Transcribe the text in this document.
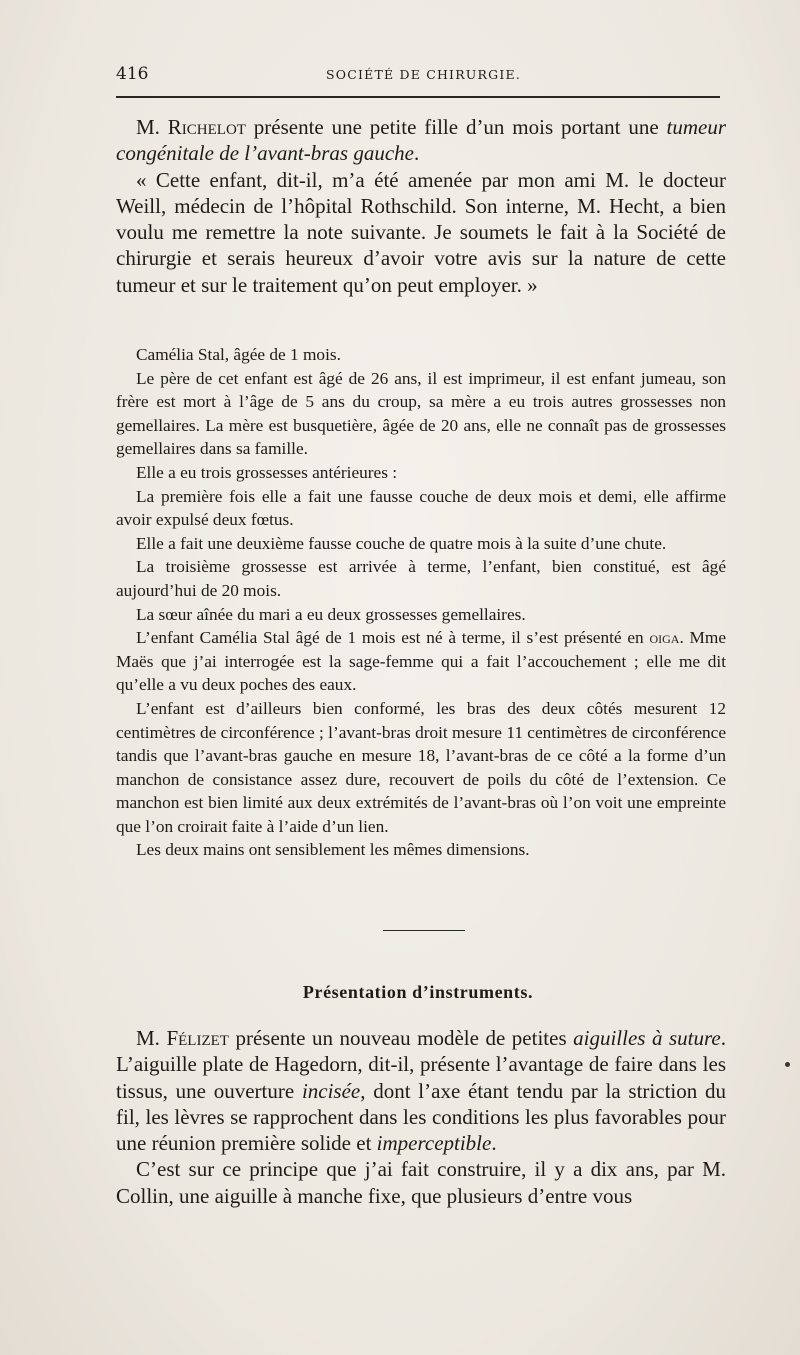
416	SOCIÉTÉ DE CHIRURGIE.

M. Richelot présente une petite fille d’un mois portant une tumeur congénitale de l’avant-bras gauche.

« Cette enfant, dit-il, m’a été amenée par mon ami M. le docteur Weill, médecin de l’hôpital Rothschild. Son interne, M. Hecht, a bien voulu me remettre la note suivante. Je soumets le fait à la Société de chirurgie et serais heureux d’avoir votre avis sur la nature de cette tumeur et sur le traitement qu’on peut employer. »

Camélia Stal, âgée de 1 mois.

Le père de cet enfant est âgé de 26 ans, il est imprimeur, il est enfant jumeau, son frère est mort à l’âge de 5 ans du croup, sa mère a eu trois autres grossesses non gemellaires. La mère est busquetière, âgée de 20 ans, elle ne connaît pas de grossesses gemellaires dans sa famille.

Elle a eu trois grossesses antérieures :

La première fois elle a fait une fausse couche de deux mois et demi, elle affirme avoir expulsé deux fœtus.

Elle a fait une deuxième fausse couche de quatre mois à la suite d’une chute.

La troisième grossesse est arrivée à terme, l’enfant, bien constitué, est âgé aujourd’hui de 20 mois.

La sœur aînée du mari a eu deux grossesses gemellaires.

L’enfant Camélia Stal âgé de 1 mois est né à terme, il s’est présenté en oiga. Mme Maës que j’ai interrogée est la sage-femme qui a fait l’accouchement ; elle me dit qu’elle a vu deux poches des eaux.

L’enfant est d’ailleurs bien conformé, les bras des deux côtés mesurent 12 centimètres de circonférence ; l’avant-bras droit mesure 11 centimètres de circonférence tandis que l’avant-bras gauche en mesure 18, l’avant-bras de ce côté a la forme d’un manchon de consistance assez dure, recouvert de poils du côté de l’extension. Ce manchon est bien limité aux deux extrémités de l’avant-bras où l’on voit une empreinte que l’on croirait faite à l’aide d’un lien.

Les deux mains ont sensiblement les mêmes dimensions.

Présentation d’instruments.

M. Félizet présente un nouveau modèle de petites aiguilles à suture. L’aiguille plate de Hagedorn, dit-il, présente l’avantage de faire dans les tissus, une ouverture incisée, dont l’axe étant tendu par la striction du fil, les lèvres se rapprochent dans les conditions les plus favorables pour une réunion première solide et imperceptible.

C’est sur ce principe que j’ai fait construire, il y a dix ans, par M. Collin, une aiguille à manche fixe, que plusieurs d’entre vous
